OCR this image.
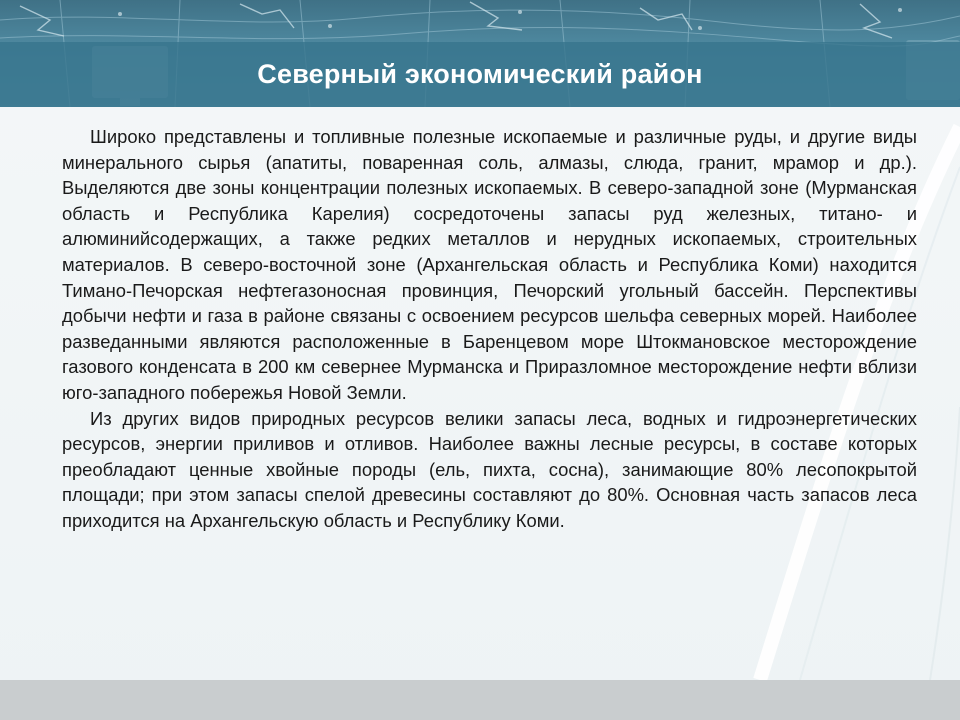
Северный экономический район

Широко представлены и топливные полезные ископаемые и различные руды, и другие виды минерального сырья (апатиты, поваренная соль, алмазы, слюда, гранит, мрамор и др.). Выделяются две зоны концентрации полезных ископаемых. В северо-западной зоне (Мурманская область и Республика Карелия) сосредоточены запасы руд железных, титано- и алюминийсодержащих, а также редких металлов и нерудных ископаемых, строительных материалов. В северо-восточной зоне (Архангельская область и Республика Коми) находится Тимано-Печорская нефтегазоносная провинция, Печорский угольный бассейн. Перспективы добычи нефти и газа в районе связаны с освоением ресурсов шельфа северных морей. Наиболее разведанными являются расположенные в Баренцевом море Штокмановское месторождение газового конденсата в 200 км севернее Мурманска и Приразломное месторождение нефти вблизи юго-западного побережья Новой Земли.

Из других видов природных ресурсов велики запасы леса, водных и гидроэнергетических ресурсов, энергии приливов и отливов. Наиболее важны лесные ресурсы, в составе которых преобладают ценные хвойные породы (ель, пихта, сосна), занимающие 80% лесопокрытой площади; при этом запасы спелой древесины составляют до 80%. Основная часть запасов леса приходится на Архангельскую область и Республику Коми.
